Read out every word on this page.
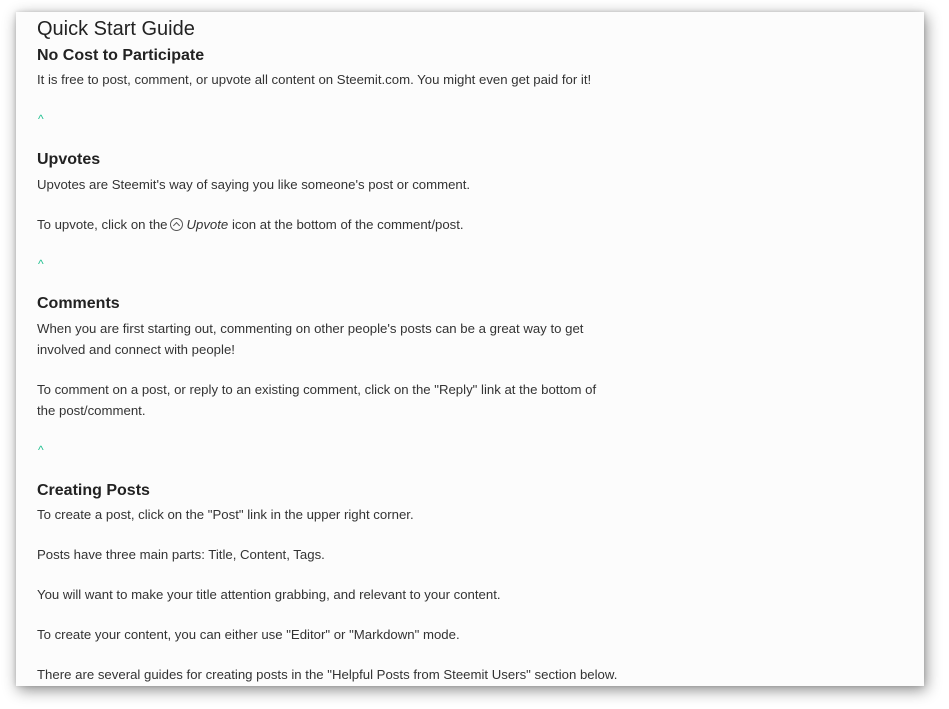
Quick Start Guide
No Cost to Participate

It is free to post, comment, or upvote all content on Steemit.com. You might even get paid for it!

^
Upvotes

Upvotes are Steemit's way of saying you like someone's post or comment.

To upvote, click on the Upvote icon at the bottom of the comment/post.

^
Comments

When you are first starting out, commenting on other people's posts can be a great way to get involved and connect with people!

To comment on a post, or reply to an existing comment, click on the "Reply" link at the bottom of the post/comment.

^
Creating Posts

To create a post, click on the "Post" link in the upper right corner.

Posts have three main parts: Title, Content, Tags.

You will want to make your title attention grabbing, and relevant to your content.

To create your content, you can either use "Editor" or "Markdown" mode.

There are several guides for creating posts in the "Helpful Posts from Steemit Users" section below.
